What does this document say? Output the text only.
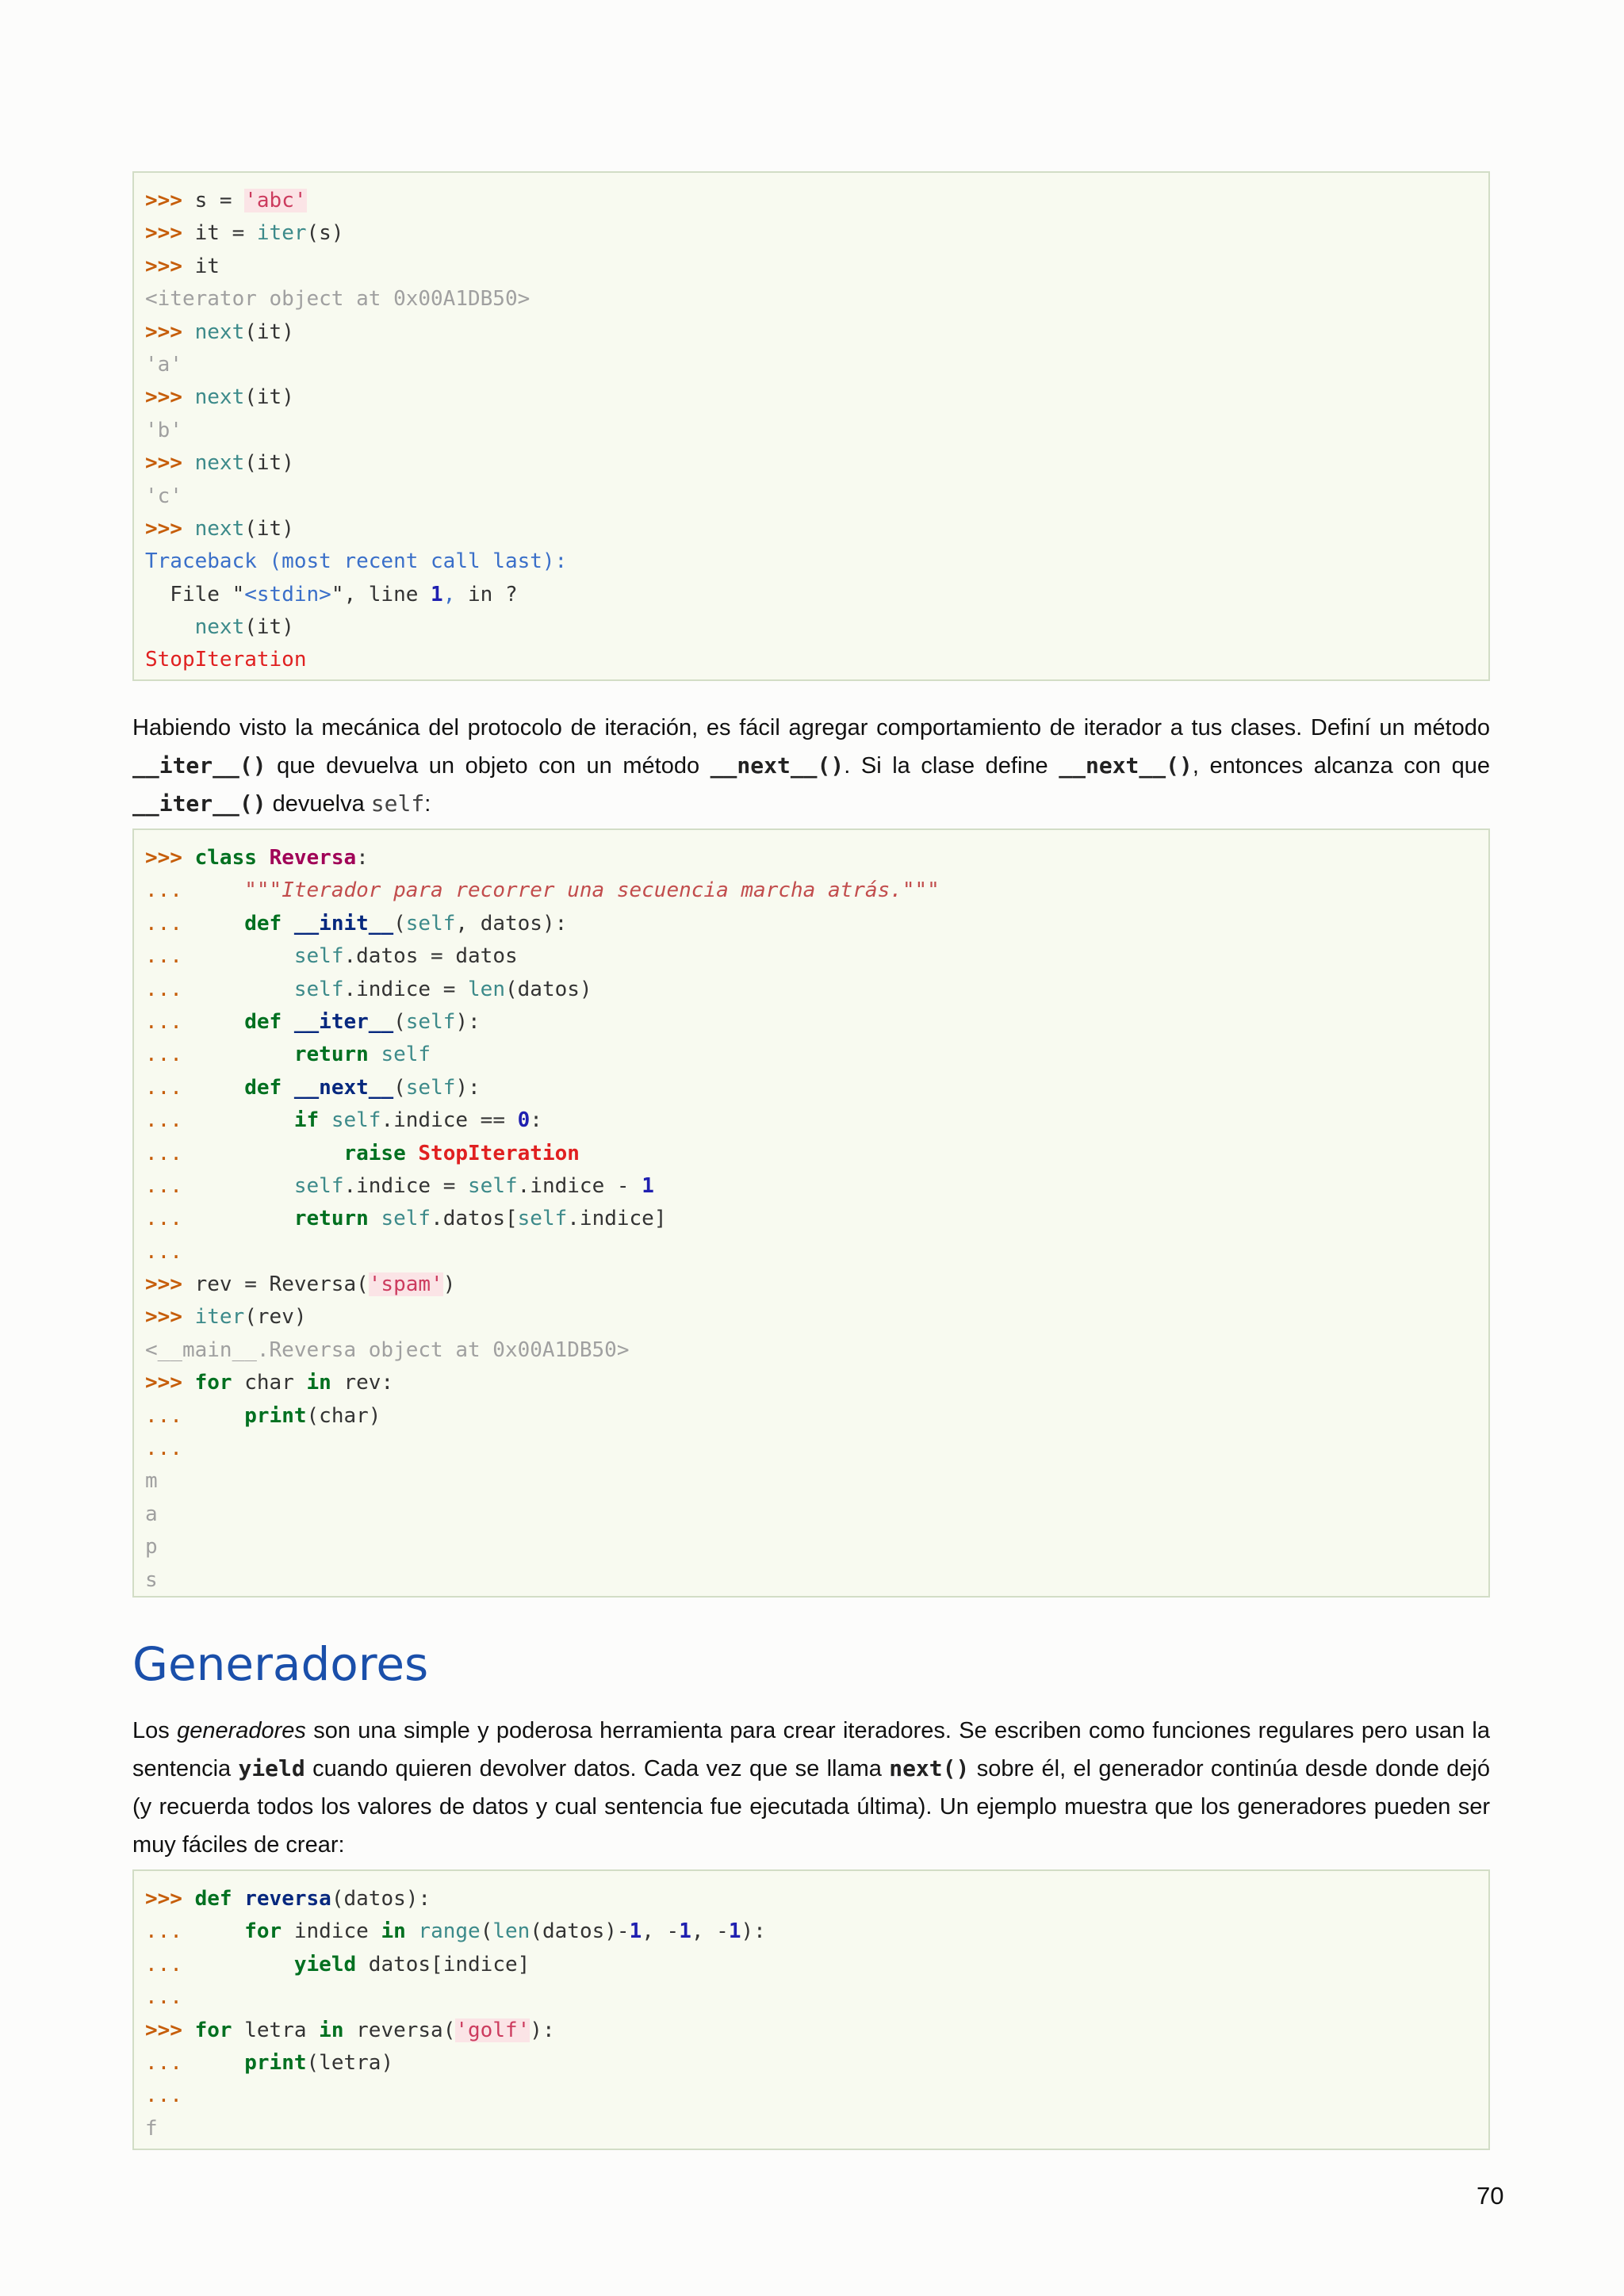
>>> s = 'abc'
>>> it = iter(s)
>>> it
<iterator object at 0x00A1DB50>
>>> next(it)
'a'
>>> next(it)
'b'
>>> next(it)
'c'
>>> next(it)
Traceback (most recent call last):
File "<stdin>", line 1, in ?
next(it)
StopIteration
Habiendo visto la mecánica del protocolo de iteración, es fácil agregar comportamiento de iterador a tus clases. Definí un método __iter__() que devuelva un objeto con un método __next__(). Si la clase define __next__(), entonces alcanza con que __iter__() devuelva self:
>>> class Reversa:
...	"""Iterador para recorrer una secuencia marcha atrás."""
...	def __init__(self, datos):
...	self.datos = datos
...	self.indice = len(datos)
...	def __iter__(self):
...	return self
...	def __next__(self):
...	if self.indice == 0:
...	raise StopIteration
...	self.indice = self.indice - 1
...	return self.datos[self.indice]
...
>>> rev = Reversa('spam')
>>> iter(rev)
<__main__.Reversa object at 0x00A1DB50>
>>> for char in rev:
...	print(char)
...
m
a
p
s
Generadores
Los generadores son una simple y poderosa herramienta para crear iteradores. Se escriben como funciones regulares pero usan la sentencia yield cuando quieren devolver datos. Cada vez que se llama next() sobre él, el generador continúa desde donde dejó (y recuerda todos los valores de datos y cual sentencia fue ejecutada última). Un ejemplo muestra que los generadores pueden ser muy fáciles de crear:
>>> def reversa(datos):
...	for indice in range(len(datos)-1, -1, -1):
...	yield datos[indice]
...
>>> for letra in reversa('golf'):
...	print(letra)
...
f
70
